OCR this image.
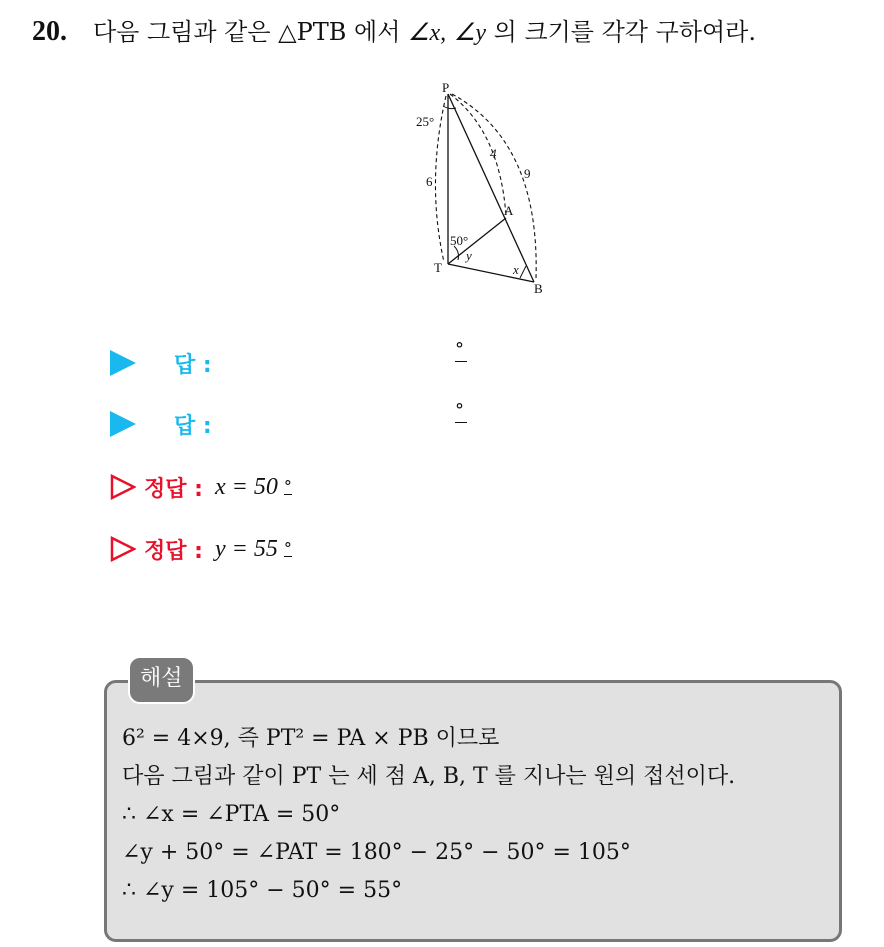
20. 다음 그림과 같은 △PTB 에서 ∠x, ∠y 의 크기를 각각 구하여라.
P
T
A
B
25°
50°
6
4
9
y
x
답 :
°
답 :
°
정답 : x = 50 °
정답 : y = 55 °
해설
6² = 4×9, 즉 PT² = PA × PB 이므로
다음 그림과 같이 PT 는 세 점 A, B, T 를 지나는 원의 접선이다.
∴ ∠x = ∠PTA = 50°
∠y + 50° = ∠PAT = 180° − 25° − 50° = 105°
∴ ∠y = 105° − 50° = 55°
